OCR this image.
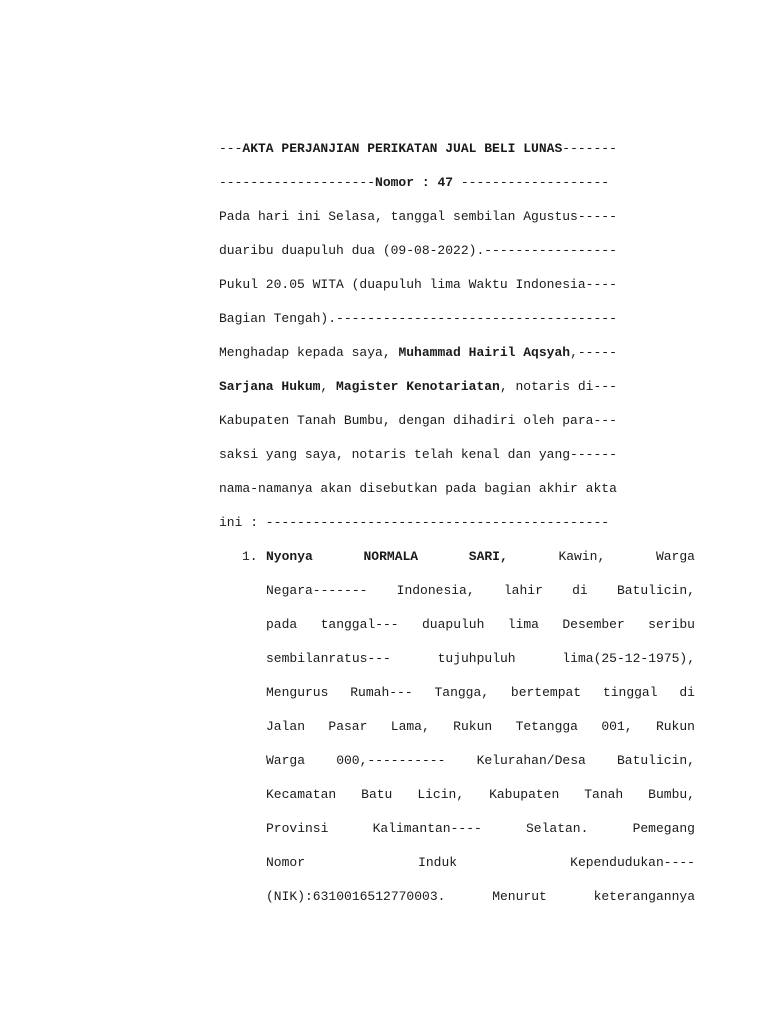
---AKTA PERJANJIAN PERIKATAN JUAL BELI LUNAS-------
--------------------Nomor : 47 -------------------
Pada hari ini Selasa, tanggal sembilan Agustus-----
duaribu duapuluh dua (09-08-2022).-----------------
Pukul 20.05 WITA (duapuluh lima Waktu Indonesia----
Bagian Tengah).------------------------------------
Menghadap kepada saya, Muhammad Hairil Aqsyah,-----
Sarjana Hukum, Magister Kenotariatan, notaris di---
Kabupaten Tanah Bumbu, dengan dihadiri oleh para---
saksi yang saya, notaris telah kenal dan yang------
nama-namanya akan disebutkan pada bagian akhir akta
ini : --------------------------------------------
1. Nyonya	NORMALA	SARI,	Kawin,	Warga
Negara------- Indonesia, lahir di Batulicin,
pada tanggal--- duapuluh lima Desember seribu
sembilanratus---	tujuhpuluh	lima(25-12-1975),
Mengurus Rumah--- Tangga, bertempat tinggal di
Jalan Pasar Lama, Rukun Tetangga 001, Rukun
Warga 000,---------- Kelurahan/Desa Batulicin,
Kecamatan Batu Licin, Kabupaten Tanah Bumbu,
Provinsi	Kalimantan----	Selatan.	Pemegang
Nomor	Induk	Kependudukan----
(NIK):6310016512770003.	Menurut	keterangannya
